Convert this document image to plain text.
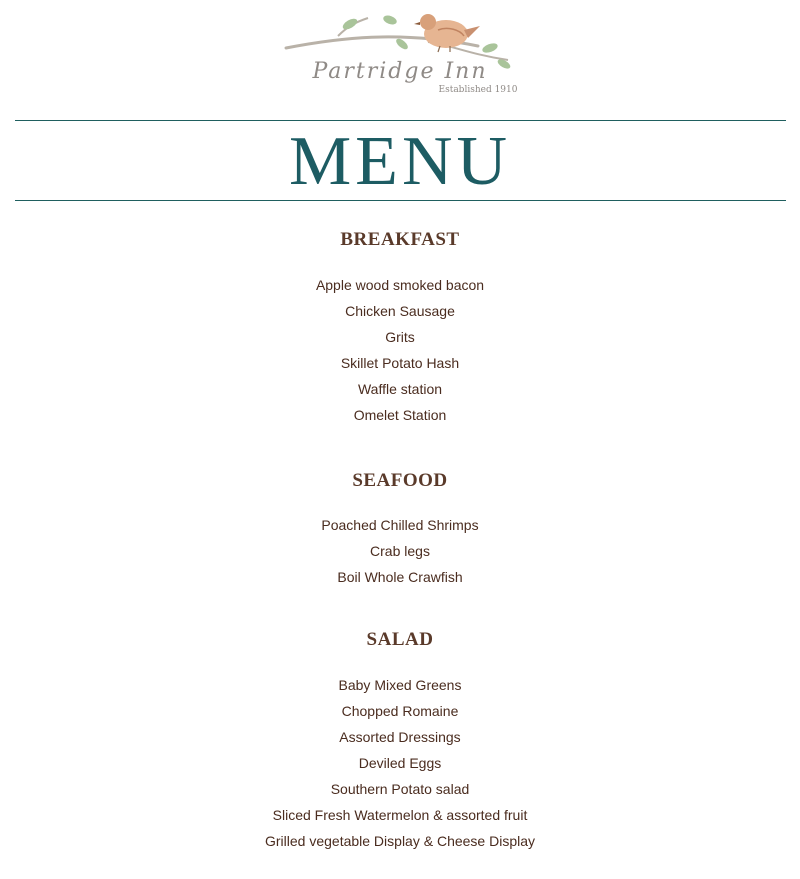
Partridge Inn
Established 1910
MENU
BREAKFAST
Apple wood smoked bacon
Chicken Sausage
Grits
Skillet Potato Hash
Waffle station
Omelet Station
SEAFOOD
Poached Chilled Shrimps
Crab legs
Boil Whole Crawfish
SALAD
Baby Mixed Greens
Chopped Romaine
Assorted Dressings
Deviled Eggs
Southern Potato salad
Sliced Fresh Watermelon & assorted fruit
Grilled vegetable Display & Cheese Display
